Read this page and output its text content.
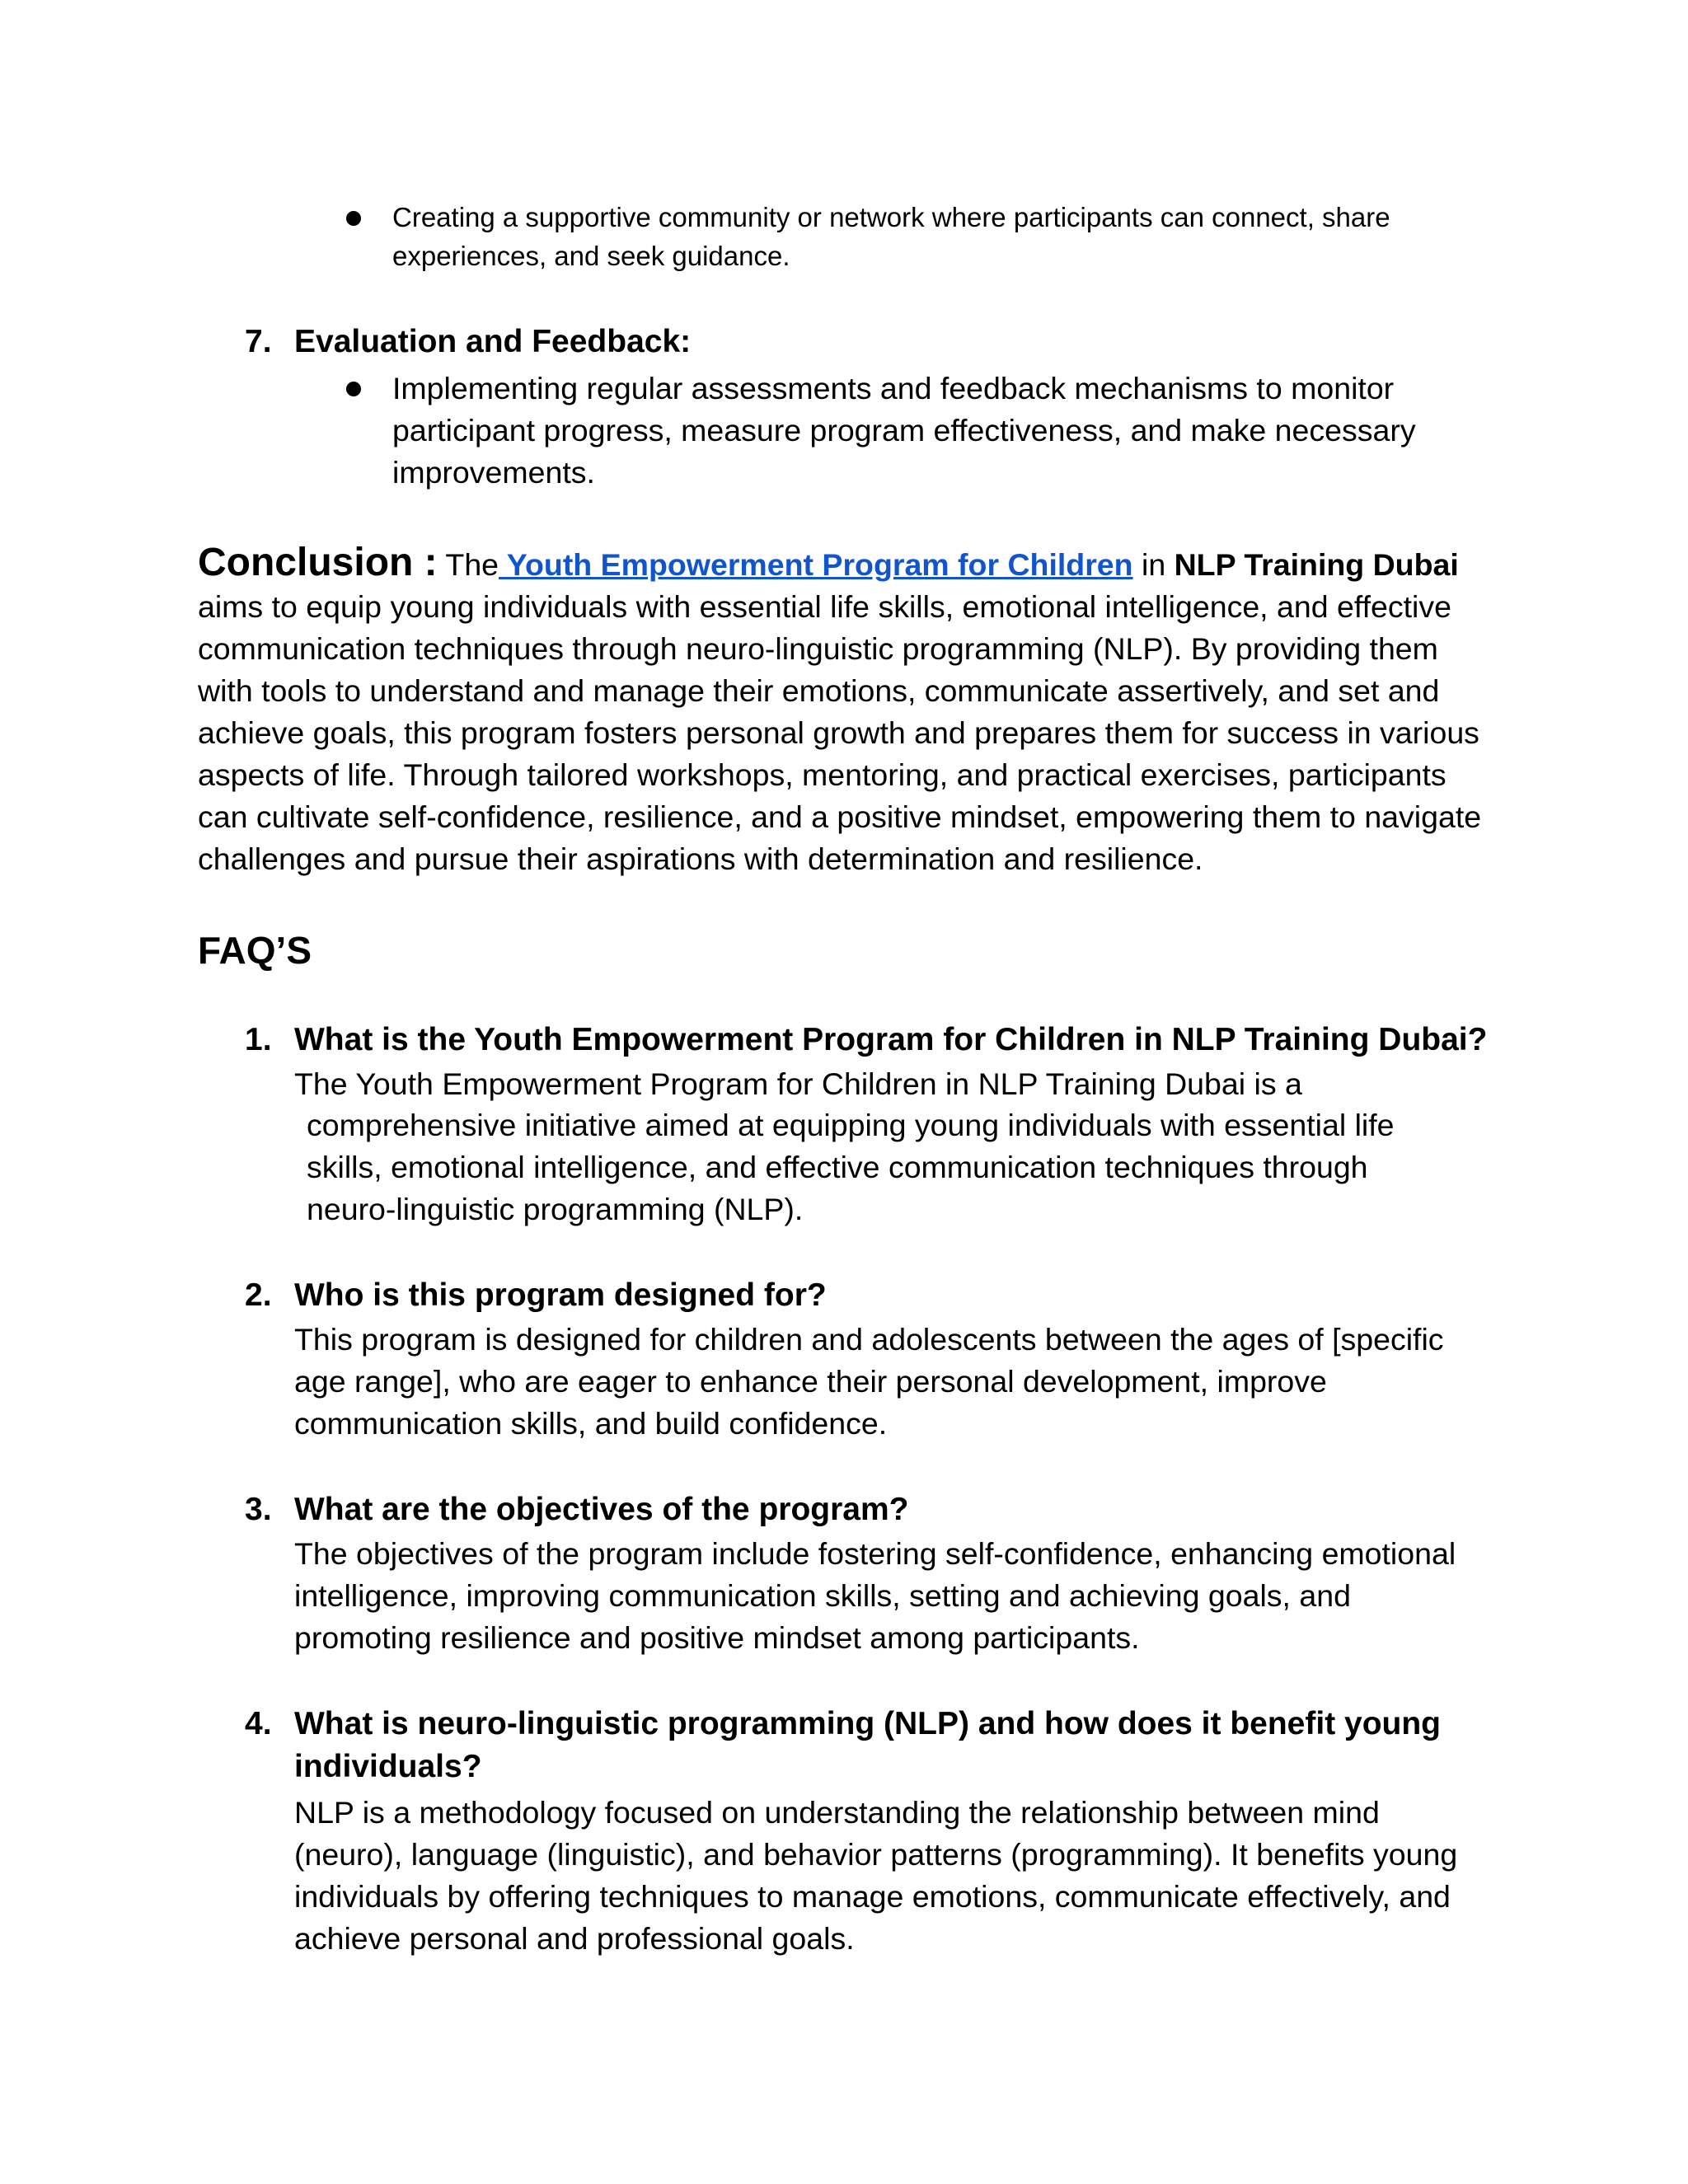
Creating a supportive community or network where participants can connect, share experiences, and seek guidance.
7. Evaluation and Feedback:
Implementing regular assessments and feedback mechanisms to monitor participant progress, measure program effectiveness, and make necessary improvements.
Conclusion : The Youth Empowerment Program for Children in NLP Training Dubai aims to equip young individuals with essential life skills, emotional intelligence, and effective communication techniques through neuro-linguistic programming (NLP). By providing them with tools to understand and manage their emotions, communicate assertively, and set and achieve goals, this program fosters personal growth and prepares them for success in various aspects of life. Through tailored workshops, mentoring, and practical exercises, participants can cultivate self-confidence, resilience, and a positive mindset, empowering them to navigate challenges and pursue their aspirations with determination and resilience.
FAQ’S
1. What is the Youth Empowerment Program for Children in NLP Training Dubai?
The Youth Empowerment Program for Children in NLP Training Dubai is a
comprehensive initiative aimed at equipping young individuals with essential life skills, emotional intelligence, and effective communication techniques through neuro-linguistic programming (NLP).
2. Who is this program designed for?
This program is designed for children and adolescents between the ages of [specific age range], who are eager to enhance their personal development, improve communication skills, and build confidence.
3. What are the objectives of the program?
The objectives of the program include fostering self-confidence, enhancing emotional intelligence, improving communication skills, setting and achieving goals, and promoting resilience and positive mindset among participants.
4. What is neuro-linguistic programming (NLP) and how does it benefit young individuals?
NLP is a methodology focused on understanding the relationship between mind (neuro), language (linguistic), and behavior patterns (programming). It benefits young individuals by offering techniques to manage emotions, communicate effectively, and achieve personal and professional goals.
